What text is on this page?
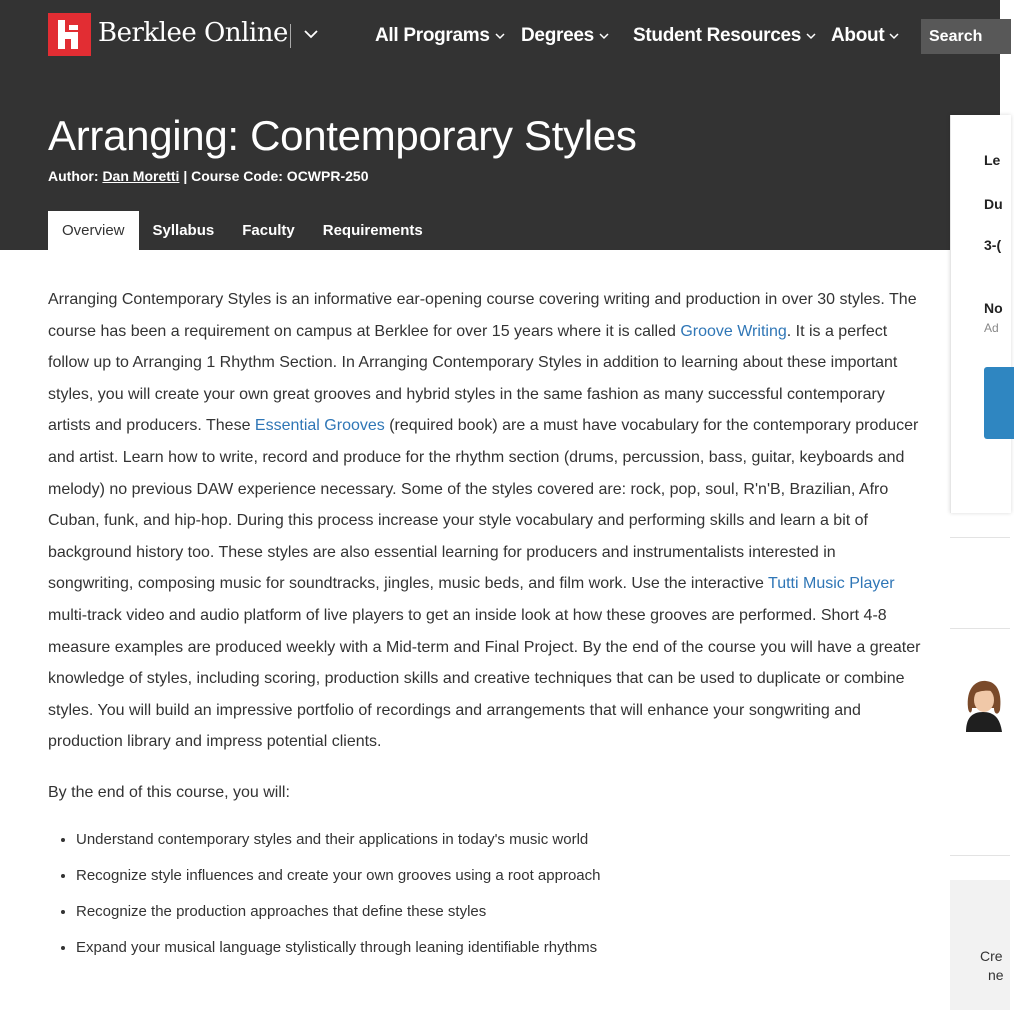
Berklee Online	All Programs Degrees Student Resources About	Search
Arranging: Contemporary Styles
Author: Dan Moretti | Course Code: OCWPR-250
Overview	Syllabus	Faculty	Requirements
Le
Du
3-(
No
Ad
Cre
ne

Arranging Contemporary Styles is an informative ear-opening course covering writing and production in over 30 styles. The course has been a requirement on campus at Berklee for over 15 years where it is called Groove Writing. It is a perfect follow up to Arranging 1 Rhythm Section. In Arranging Contemporary Styles in addition to learning about these important styles, you will create your own great grooves and hybrid styles in the same fashion as many successful contemporary artists and producers. These Essential Grooves (required book) are a must have vocabulary for the contemporary producer and artist. Learn how to write, record and produce for the rhythm section (drums, percussion, bass, guitar, keyboards and melody) no previous DAW experience necessary. Some of the styles covered are: rock, pop, soul, R'n'B, Brazilian, Afro Cuban, funk, and hip-hop. During this process increase your style vocabulary and performing skills and learn a bit of background history too. These styles are also essential learning for producers and instrumentalists interested in songwriting, composing music for soundtracks, jingles, music beds, and film work. Use the interactive Tutti Music Player multi-track video and audio platform of live players to get an inside look at how these grooves are performed. Short 4-8 measure examples are produced weekly with a Mid-term and Final Project. By the end of the course you will have a greater knowledge of styles, including scoring, production skills and creative techniques that can be used to duplicate or combine styles. You will build an impressive portfolio of recordings and arrangements that will enhance your songwriting and production library and impress potential clients.

By the end of this course, you will:

• Understand contemporary styles and their applications in today's music world
• Recognize style influences and create your own grooves using a root approach
• Recognize the production approaches that define these styles
• Expand your musical language stylistically through leaning identifiable rhythms
